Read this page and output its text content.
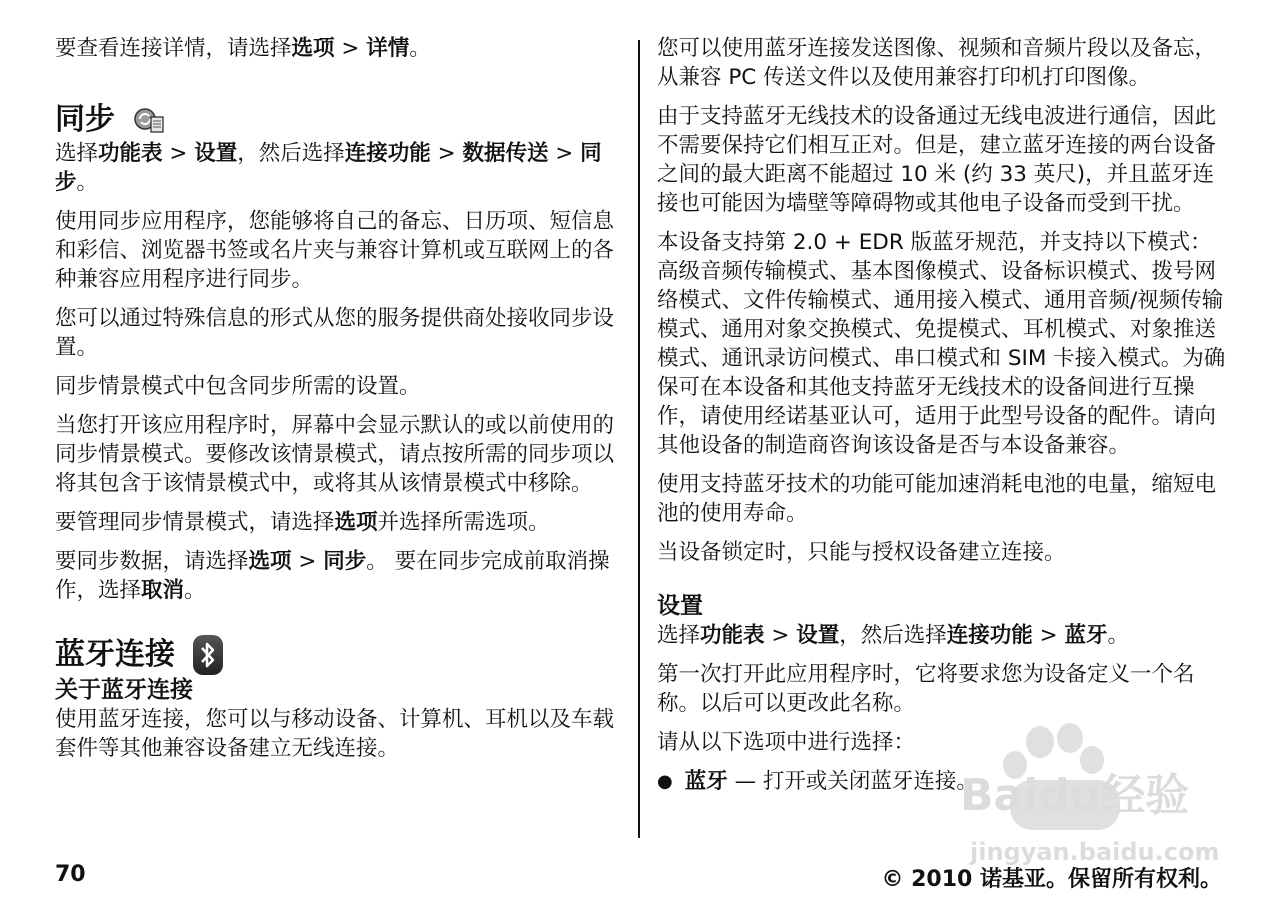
要查看连接详情，请选择选项 > 详情。

同步

选择功能表 > 设置，然后选择连接功能 > 数据传送 > 同步。

使用同步应用程序，您能够将自己的备忘、日历项、短信息和彩信、浏览器书签或名片夹与兼容计算机或互联网上的各种兼容应用程序进行同步。

您可以通过特殊信息的形式从您的服务提供商处接收同步设置。

同步情景模式中包含同步所需的设置。

当您打开该应用程序时，屏幕中会显示默认的或以前使用的同步情景模式。要修改该情景模式，请点按所需的同步项以将其包含于该情景模式中，或将其从该情景模式中移除。

要管理同步情景模式，请选择选项并选择所需选项。

要同步数据，请选择选项 > 同步。 要在同步完成前取消操作，选择取消。

蓝牙连接
关于蓝牙连接

使用蓝牙连接，您可以与移动设备、计算机、耳机以及车载套件等其他兼容设备建立无线连接。

您可以使用蓝牙连接发送图像、视频和音频片段以及备忘，从兼容 PC 传送文件以及使用兼容打印机打印图像。

由于支持蓝牙无线技术的设备通过无线电波进行通信，因此不需要保持它们相互正对。但是，建立蓝牙连接的两台设备之间的最大距离不能超过 10 米 (约 33 英尺)，并且蓝牙连接也可能因为墙壁等障碍物或其他电子设备而受到干扰。

本设备支持第 2.0 + EDR 版蓝牙规范，并支持以下模式：高级音频传输模式、基本图像模式、设备标识模式、拨号网络模式、文件传输模式、通用接入模式、通用音频/视频传输模式、通用对象交换模式、免提模式、耳机模式、对象推送模式、通讯录访问模式、串口模式和 SIM 卡接入模式。为确保可在本设备和其他支持蓝牙无线技术的设备间进行互操作，请使用经诺基亚认可，适用于此型号设备的配件。请向其他设备的制造商咨询该设备是否与本设备兼容。

使用支持蓝牙技术的功能可能加速消耗电池的电量，缩短电池的使用寿命。

当设备锁定时，只能与授权设备建立连接。

设置

选择功能表 > 设置，然后选择连接功能 > 蓝牙。

第一次打开此应用程序时，它将要求您为设备定义一个名称。以后可以更改此名称。

请从以下选项中进行选择：

● 蓝牙 — 打开或关闭蓝牙连接。
70	© 2010 诺基亚。保留所有权利。
Baidu经验
jingyan.baidu.com
